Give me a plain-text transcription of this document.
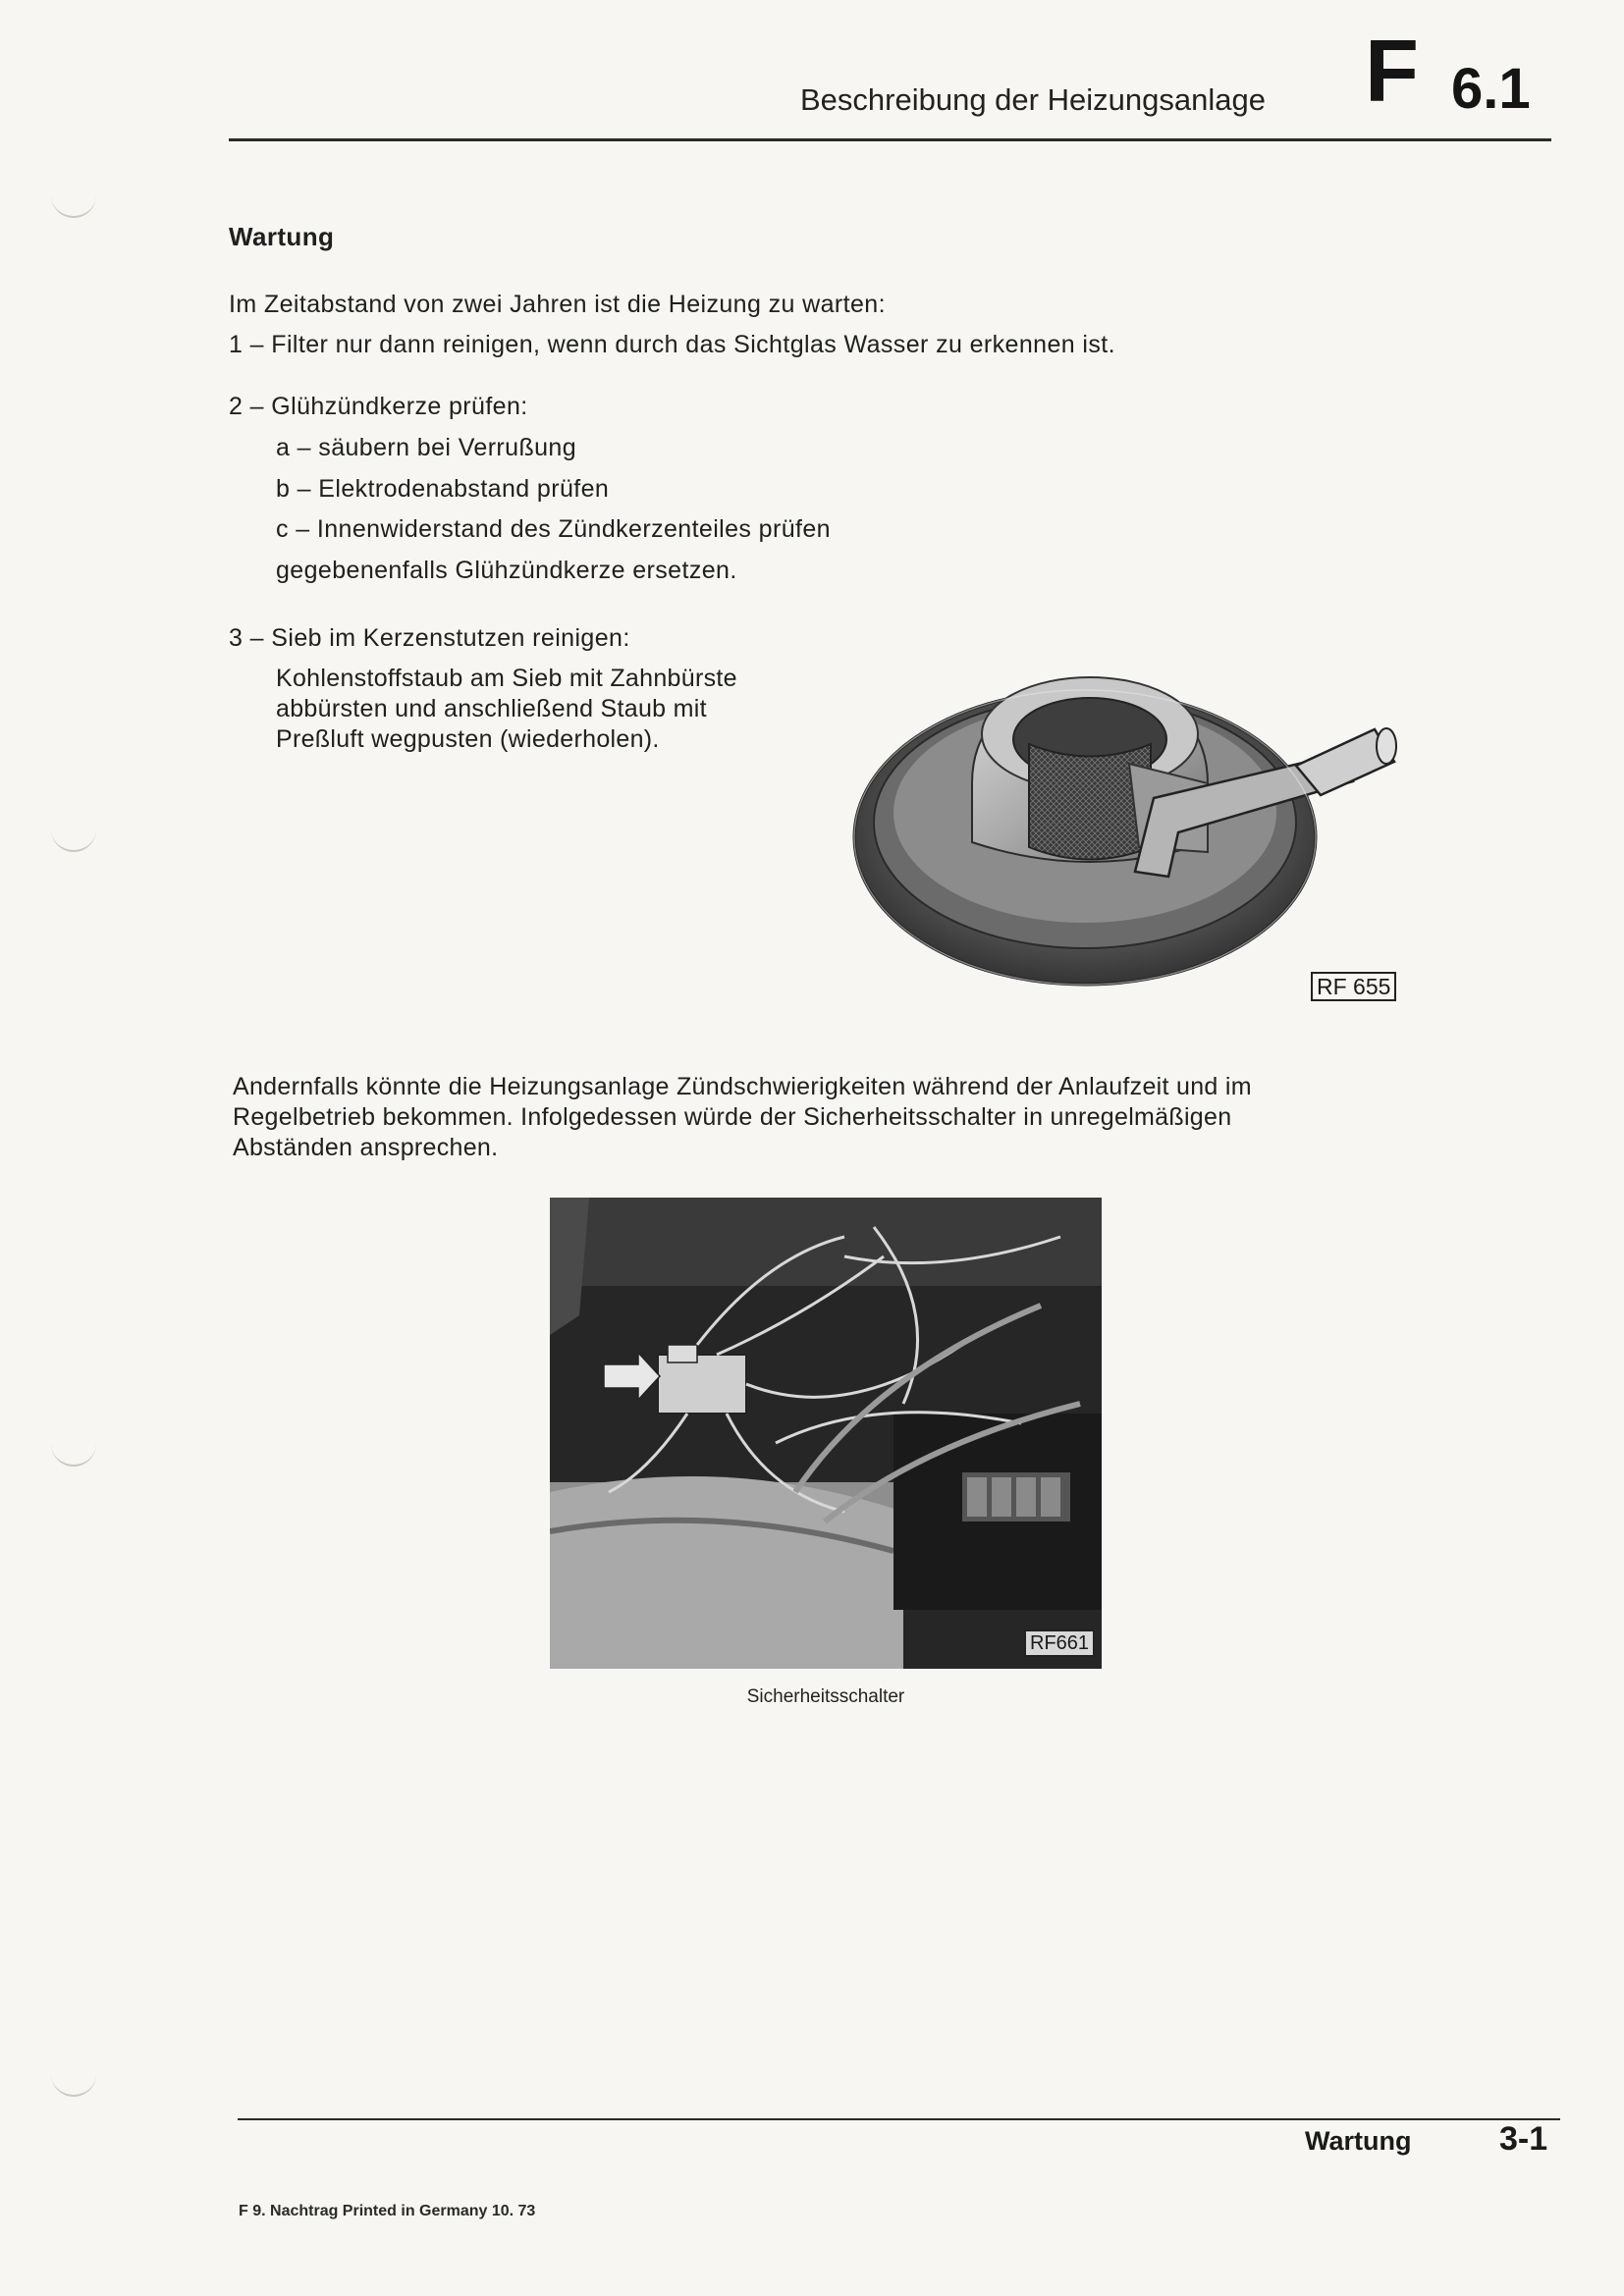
Beschreibung der Heizungsanlage F 6.1
Wartung
Im Zeitabstand von zwei Jahren ist die Heizung zu warten:
1 – Filter nur dann reinigen, wenn durch das Sichtglas Wasser zu erkennen ist.
2 – Glühzündkerze prüfen:
a – säubern bei Verrußung
b – Elektrodenabstand prüfen
c – Innenwiderstand des Zündkerzenteiles prüfen
gegebenenfalls Glühzündkerze ersetzen.
3 – Sieb im Kerzenstutzen reinigen:
Kohlenstoffstaub am Sieb mit Zahnbürste
abbürsten und anschließend Staub mit
Preßluft wegpusten (wiederholen).
RF 655
Andernfalls könnte die Heizungsanlage Zündschwierigkeiten während der Anlaufzeit und im
Regelbetrieb bekommen. Infolgedessen würde der Sicherheitsschalter in unregelmäßigen
Abständen ansprechen.
RF661
Sicherheitsschalter
Wartung	3-1
F 9. Nachtrag Printed in Germany 10. 73
